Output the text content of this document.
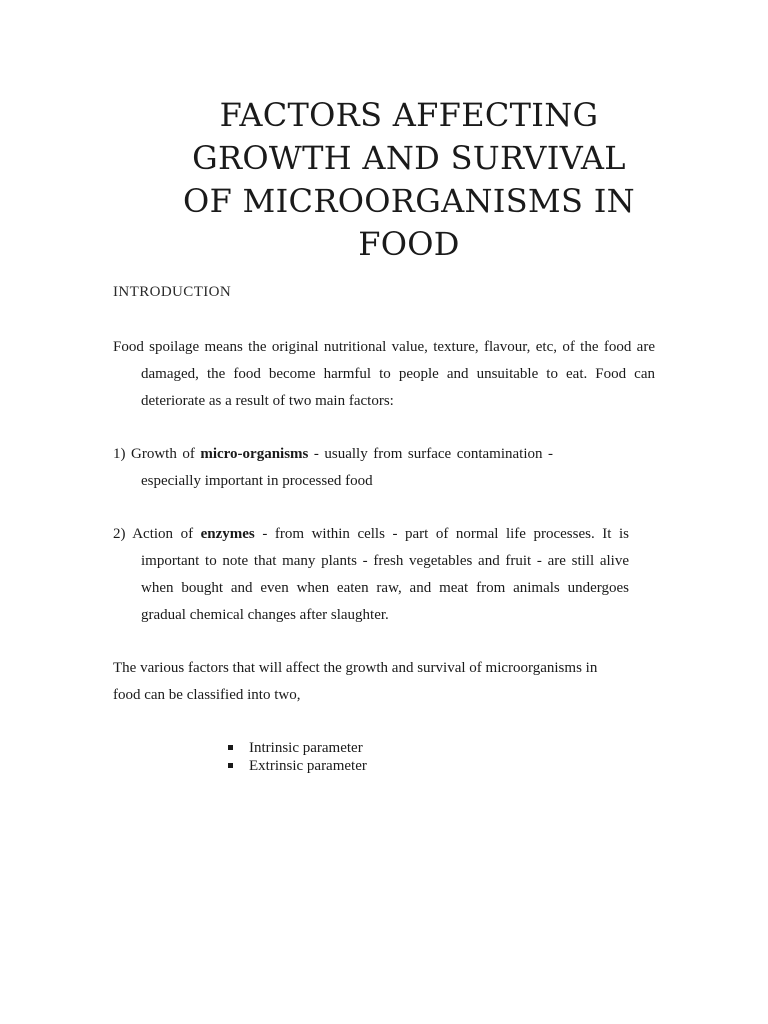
FACTORS AFFECTING
GROWTH AND SURVIVAL
OF MICROORGANISMS IN
FOOD

INTRODUCTION

Food spoilage means the original nutritional value, texture, flavour, etc, of the food are
damaged, the food become harmful to people and unsuitable to eat. Food can
deteriorate as a result of two main factors:

1) Growth of micro-organisms - usually from surface contamination -
especially important in processed food

2) Action of enzymes - from within cells - part of normal life processes. It is
important to note that many plants - fresh vegetables and fruit - are still alive
when bought and even when eaten raw, and meat from animals undergoes
gradual chemical changes after slaughter.

The various factors that will affect the growth and survival of microorganisms in
food can be classified into two,

Intrinsic parameter
Extrinsic parameter
